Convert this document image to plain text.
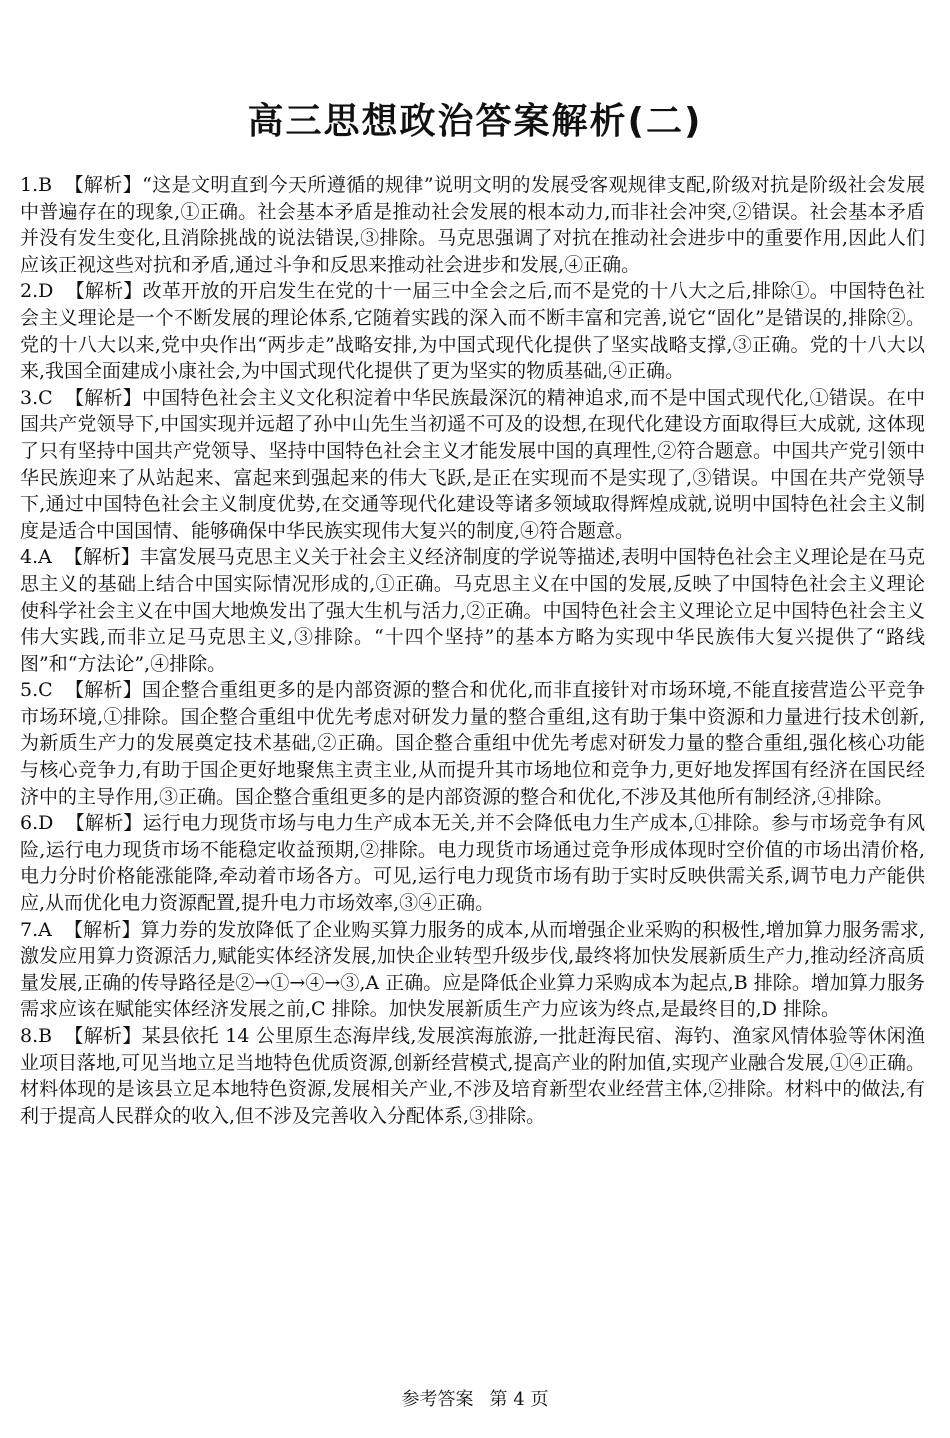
高三思想政治答案解析(二)

1.B 【解析】“这是文明直到今天所遵循的规律”说明文明的发展受客观规律支配,阶级对抗是阶级社会发展中普遍存在的现象,①正确。社会基本矛盾是推动社会发展的根本动力,而非社会冲突,②错误。社会基本矛盾并没有发生变化,且消除挑战的说法错误,③排除。马克思强调了对抗在推动社会进步中的重要作用,因此人们应该正视这些对抗和矛盾,通过斗争和反思来推动社会进步和发展,④正确。

2.D 【解析】改革开放的开启发生在党的十一届三中全会之后,而不是党的十八大之后,排除①。中国特色社会主义理论是一个不断发展的理论体系,它随着实践的深入而不断丰富和完善,说它“固化”是错误的,排除②。党的十八大以来,党中央作出“两步走”战略安排,为中国式现代化提供了坚实战略支撑,③正确。党的十八大以来,我国全面建成小康社会,为中国式现代化提供了更为坚实的物质基础,④正确。

3.C 【解析】中国特色社会主义文化积淀着中华民族最深沉的精神追求,而不是中国式现代化,①错误。在中国共产党领导下,中国实现并远超了孙中山先生当初遥不可及的设想,在现代化建设方面取得巨大成就, 这体现了只有坚持中国共产党领导、坚持中国特色社会主义才能发展中国的真理性,②符合题意。中国共产党引领中华民族迎来了从站起来、富起来到强起来的伟大飞跃,是正在实现而不是实现了,③错误。中国在共产党领导下,通过中国特色社会主义制度优势,在交通等现代化建设等诸多领域取得辉煌成就,说明中国特色社会主义制度是适合中国国情、能够确保中华民族实现伟大复兴的制度,④符合题意。

4.A 【解析】丰富发展马克思主义关于社会主义经济制度的学说等描述,表明中国特色社会主义理论是在马克思主义的基础上结合中国实际情况形成的,①正确。马克思主义在中国的发展,反映了中国特色社会主义理论使科学社会主义在中国大地焕发出了强大生机与活力,②正确。中国特色社会主义理论立足中国特色社会主义伟大实践,而非立足马克思主义,③排除。“十四个坚持”的基本方略为实现中华民族伟大复兴提供了“路线图”和“方法论”,④排除。

5.C 【解析】国企整合重组更多的是内部资源的整合和优化,而非直接针对市场环境,不能直接营造公平竞争市场环境,①排除。国企整合重组中优先考虑对研发力量的整合重组,这有助于集中资源和力量进行技术创新,为新质生产力的发展奠定技术基础,②正确。国企整合重组中优先考虑对研发力量的整合重组,强化核心功能与核心竞争力,有助于国企更好地聚焦主责主业,从而提升其市场地位和竞争力,更好地发挥国有经济在国民经济中的主导作用,③正确。国企整合重组更多的是内部资源的整合和优化,不涉及其他所有制经济,④排除。

6.D 【解析】运行电力现货市场与电力生产成本无关,并不会降低电力生产成本,①排除。参与市场竞争有风险,运行电力现货市场不能稳定收益预期,②排除。电力现货市场通过竞争形成体现时空价值的市场出清价格,电力分时价格能涨能降,牵动着市场各方。可见,运行电力现货市场有助于实时反映供需关系,调节电力产能供应,从而优化电力资源配置,提升电力市场效率,③④正确。

7.A 【解析】算力券的发放降低了企业购买算力服务的成本,从而增强企业采购的积极性,增加算力服务需求,激发应用算力资源活力,赋能实体经济发展,加快企业转型升级步伐,最终将加快发展新质生产力,推动经济高质量发展,正确的传导路径是②→①→④→③,A 正确。应是降低企业算力采购成本为起点,B 排除。增加算力服务需求应该在赋能实体经济发展之前,C 排除。加快发展新质生产力应该为终点,是最终目的,D 排除。

8.B 【解析】某县依托 14 公里原生态海岸线,发展滨海旅游,一批赶海民宿、海钓、渔家风情体验等休闲渔业项目落地,可见当地立足当地特色优质资源,创新经营模式,提高产业的附加值,实现产业融合发展,①④正确。材料体现的是该县立足本地特色资源,发展相关产业,不涉及培育新型农业经营主体,②排除。材料中的做法,有利于提高人民群众的收入,但不涉及完善收入分配体系,③排除。

参考答案 第 4 页
